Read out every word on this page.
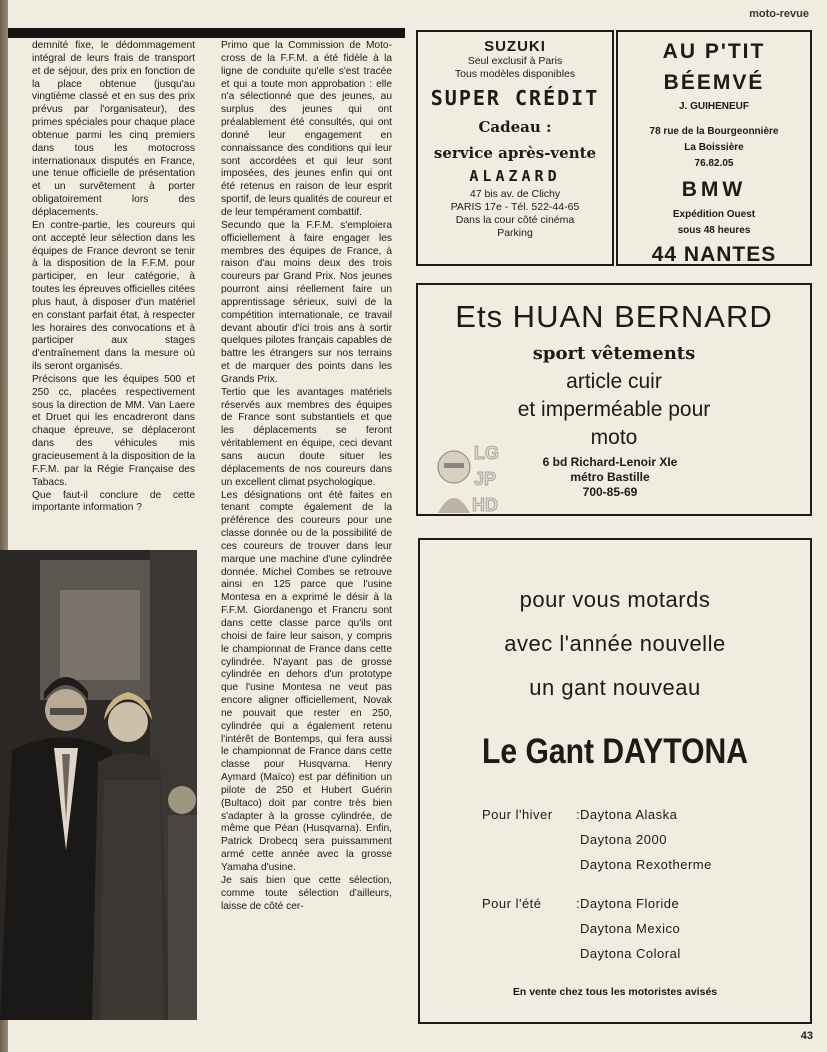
moto-revue

demnité fixe, le dédommagement intégral de leurs frais de transport et de séjour, des prix en fonction de la place obtenue (jusqu'au vingtième classé et en sus des prix prévus par l'organisateur), des primes spéciales pour chaque place obtenue parmi les cinq premiers dans tous les motocross internationaux disputés en France, une tenue officielle de présentation et un survêtement à porter obligatoirement lors des déplacements.

En contre-partie, les coureurs qui ont accepté leur sélection dans les équipes de France devront se tenir à la disposition de la F.F.M. pour participer, en leur catégorie, à toutes les épreuves officielles citées plus haut, à disposer d'un matériel en constant parfait état, à respecter les horaires des convocations et à participer aux stages d'entraînement dans la mesure où ils seront organisés.

Précisons que les équipes 500 et 250 cc, placées respectivement sous la direction de MM. Van Laere et Druet qui les encadreront dans chaque épreuve, se déplaceront dans des véhicules mis gracieusement à la disposition de la F.F.M. par la Régie Française des Tabacs.

Que faut-il conclure de cette importante information ?

Primo que la Commission de Moto-cross de la F.F.M. a été fidèle à la ligne de conduite qu'elle s'est tracée et qui a toute mon approbation : elle n'a sélectionné que des jeunes, au surplus des jeunes qui ont préalablement été consultés, qui ont donné leur engagement en connaissance des conditions qui leur sont accordées et qui leur sont imposées, des jeunes enfin qui ont été retenus en raison de leur esprit sportif, de leurs qualités de coureur et de leur tempérament combattif.

Secundo que la F.F.M. s'emploiera officiellement à faire engager les membres des équipes de France, à raison d'au moins deux des trois coureurs par Grand Prix. Nos jeunes pourront ainsi réellement faire un apprentissage sérieux, suivi de la compétition internationale, ce travail devant aboutir d'ici trois ans à sortir quelques pilotes français capables de battre les étrangers sur nos terrains et de marquer des points dans les Grands Prix.

Tertio que les avantages matériels réservés aux membres des équipes de France sont substantiels et que les déplacements se feront véritablement en équipe, ceci devant sans aucun doute situer les déplacements de nos coureurs dans un excellent climat psychologique.

Les désignations ont été faites en tenant compte également de la préférence des coureurs pour une classe donnée ou de la possibilité de ces coureurs de trouver dans leur marque une machine d'une cylindrée donnée. Michel Combes se retrouve ainsi en 125 parce que l'usine Montesa en a exprimé le désir à la F.F.M. Giordanengo et Francru sont dans cette classe parce qu'ils ont choisi de faire leur saison, y compris le championnat de France dans cette cylindrée. N'ayant pas de grosse cylindrée en dehors d'un prototype que l'usine Montesa ne veut pas encore aligner officiellement, Novak ne pouvait que rester en 250, cylindrée qui a également retenu l'intérêt de Bontemps, qui fera aussi le championnat de France dans cette classe pour Husqvarna. Henry Aymard (Maïco) est par définition un pilote de 250 et Hubert Guérin (Bultaco) doit par contre très bien s'adapter à la grosse cylindrée, de même que Péan (Husqvarna). Enfin, Patrick Drobecq sera puissamment armé cette année avec la grosse Yamaha d'usine.

Je sais bien que cette sélection, comme toute sélection d'ailleurs, laisse de côté cer-

SUZUKI
Seul exclusif à Paris
Tous modèles disponibles
SUPER CRÉDIT
Cadeau :
service après-vente
ALAZARD
47 bis av. de Clichy
PARIS 17e - Tél. 522-44-65
Dans la cour côté cinéma
Parking
AU P'TIT
BÉEMVÉ
J. GUIHENEUF
78 rue de la Bourgeonnière
La Boissière
76.82.05
BMW
Expédition Ouest
sous 48 heures
44 NANTES
Ets HUAN BERNARD
sport vêtements
article cuir
et imperméable pour
moto
LG
JP
HD
6 bd Richard-Lenoir XIe
métro Bastille
700-85-69
pour vous motards
avec l'année nouvelle
un gant nouveau
Le Gant DAYTONA
Pour l'hiver	: Daytona Alaska
Daytona 2000
Daytona Rexotherme
Pour l'été	: Daytona Floride
Daytona Mexico
Daytona Coloral
En vente chez tous les motoristes avisés
43
